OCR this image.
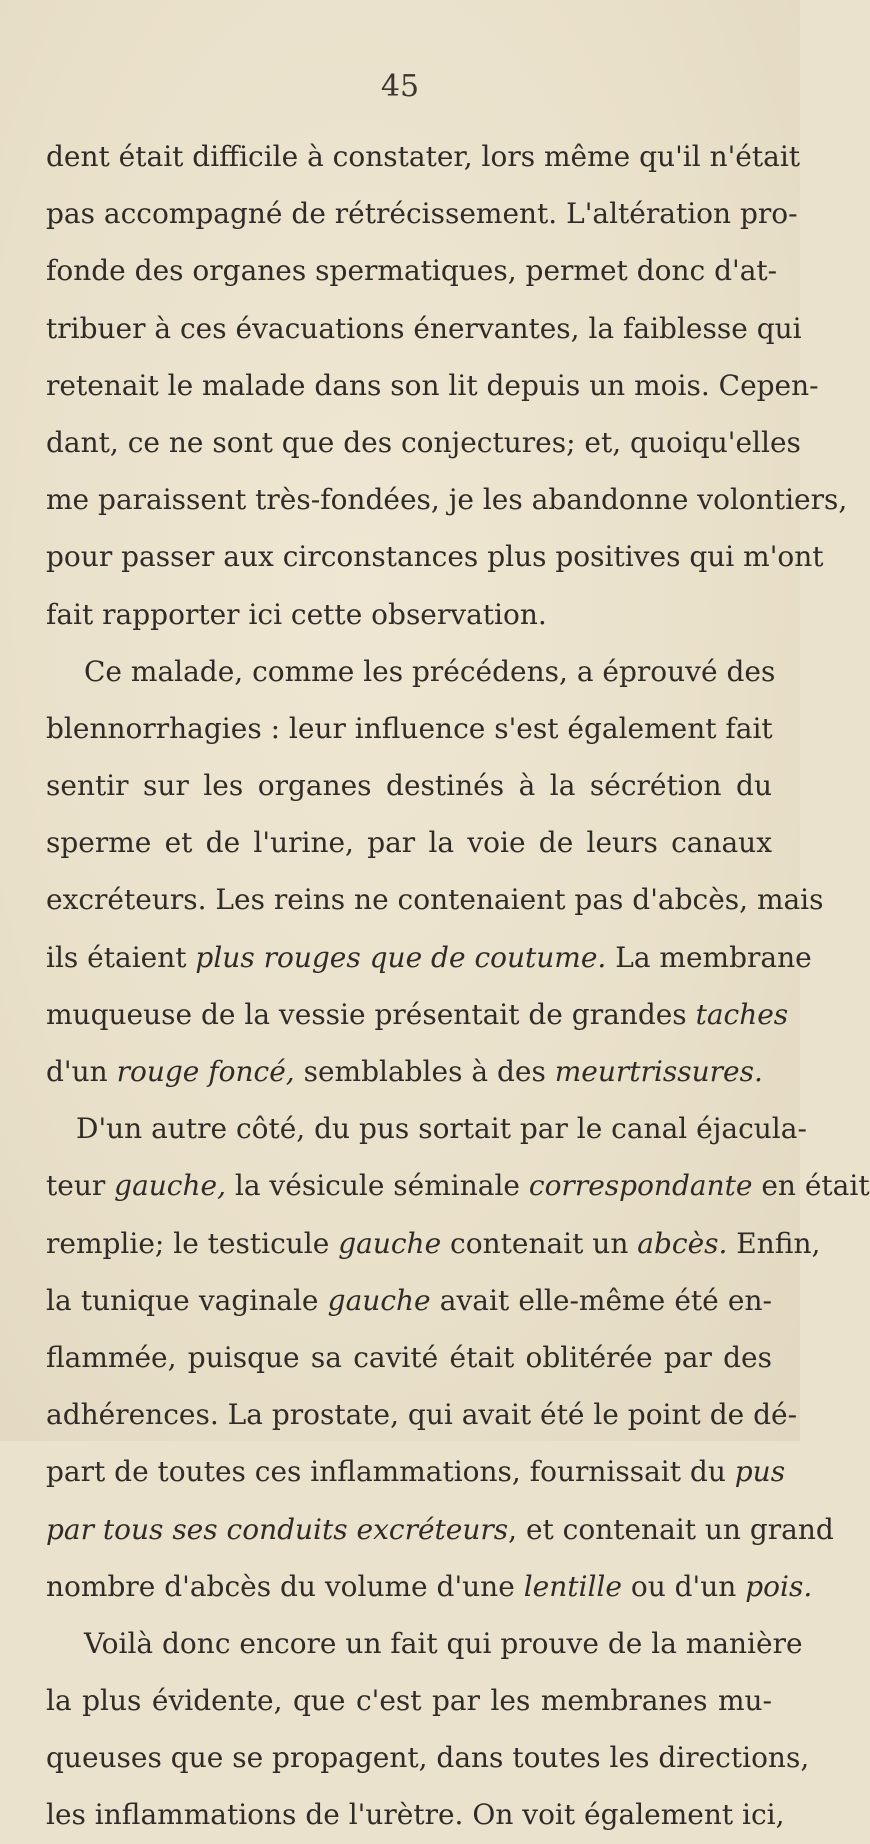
45
dent était difficile à constater, lors même qu'il n'était
pas accompagné de rétrécissement. L'altération pro-
fonde des organes spermatiques, permet donc d'at-
tribuer à ces évacuations énervantes, la faiblesse qui
retenait le malade dans son lit depuis un mois. Cepen-
dant, ce ne sont que des conjectures; et, quoiqu'elles
me paraissent très-fondées, je les abandonne volontiers,
pour passer aux circonstances plus positives qui m'ont
fait rapporter ici cette observation.
Ce malade, comme les précédens, a éprouvé des
blennorrhagies : leur influence s'est également fait
sentir sur les organes destinés à la sécrétion du
sperme et de l'urine, par la voie de leurs canaux
excréteurs. Les reins ne contenaient pas d'abcès, mais
ils étaient plus rouges que de coutume. La membrane
muqueuse de la vessie présentait de grandes taches
d'un rouge foncé, semblables à des meurtrissures.
D'un autre côté, du pus sortait par le canal éjacula-
teur gauche, la vésicule séminale correspondante en était
remplie; le testicule gauche contenait un abcès. Enfin,
la tunique vaginale gauche avait elle-même été en-
flammée, puisque sa cavité était oblitérée par des
adhérences. La prostate, qui avait été le point de dé-
part de toutes ces inflammations, fournissait du pus
par tous ses conduits excréteurs, et contenait un grand
nombre d'abcès du volume d'une lentille ou d'un pois.
Voilà donc encore un fait qui prouve de la manière
la plus évidente, que c'est par les membranes mu-
queuses que se propagent, dans toutes les directions,
les inflammations de l'urètre. On voit également ici,
